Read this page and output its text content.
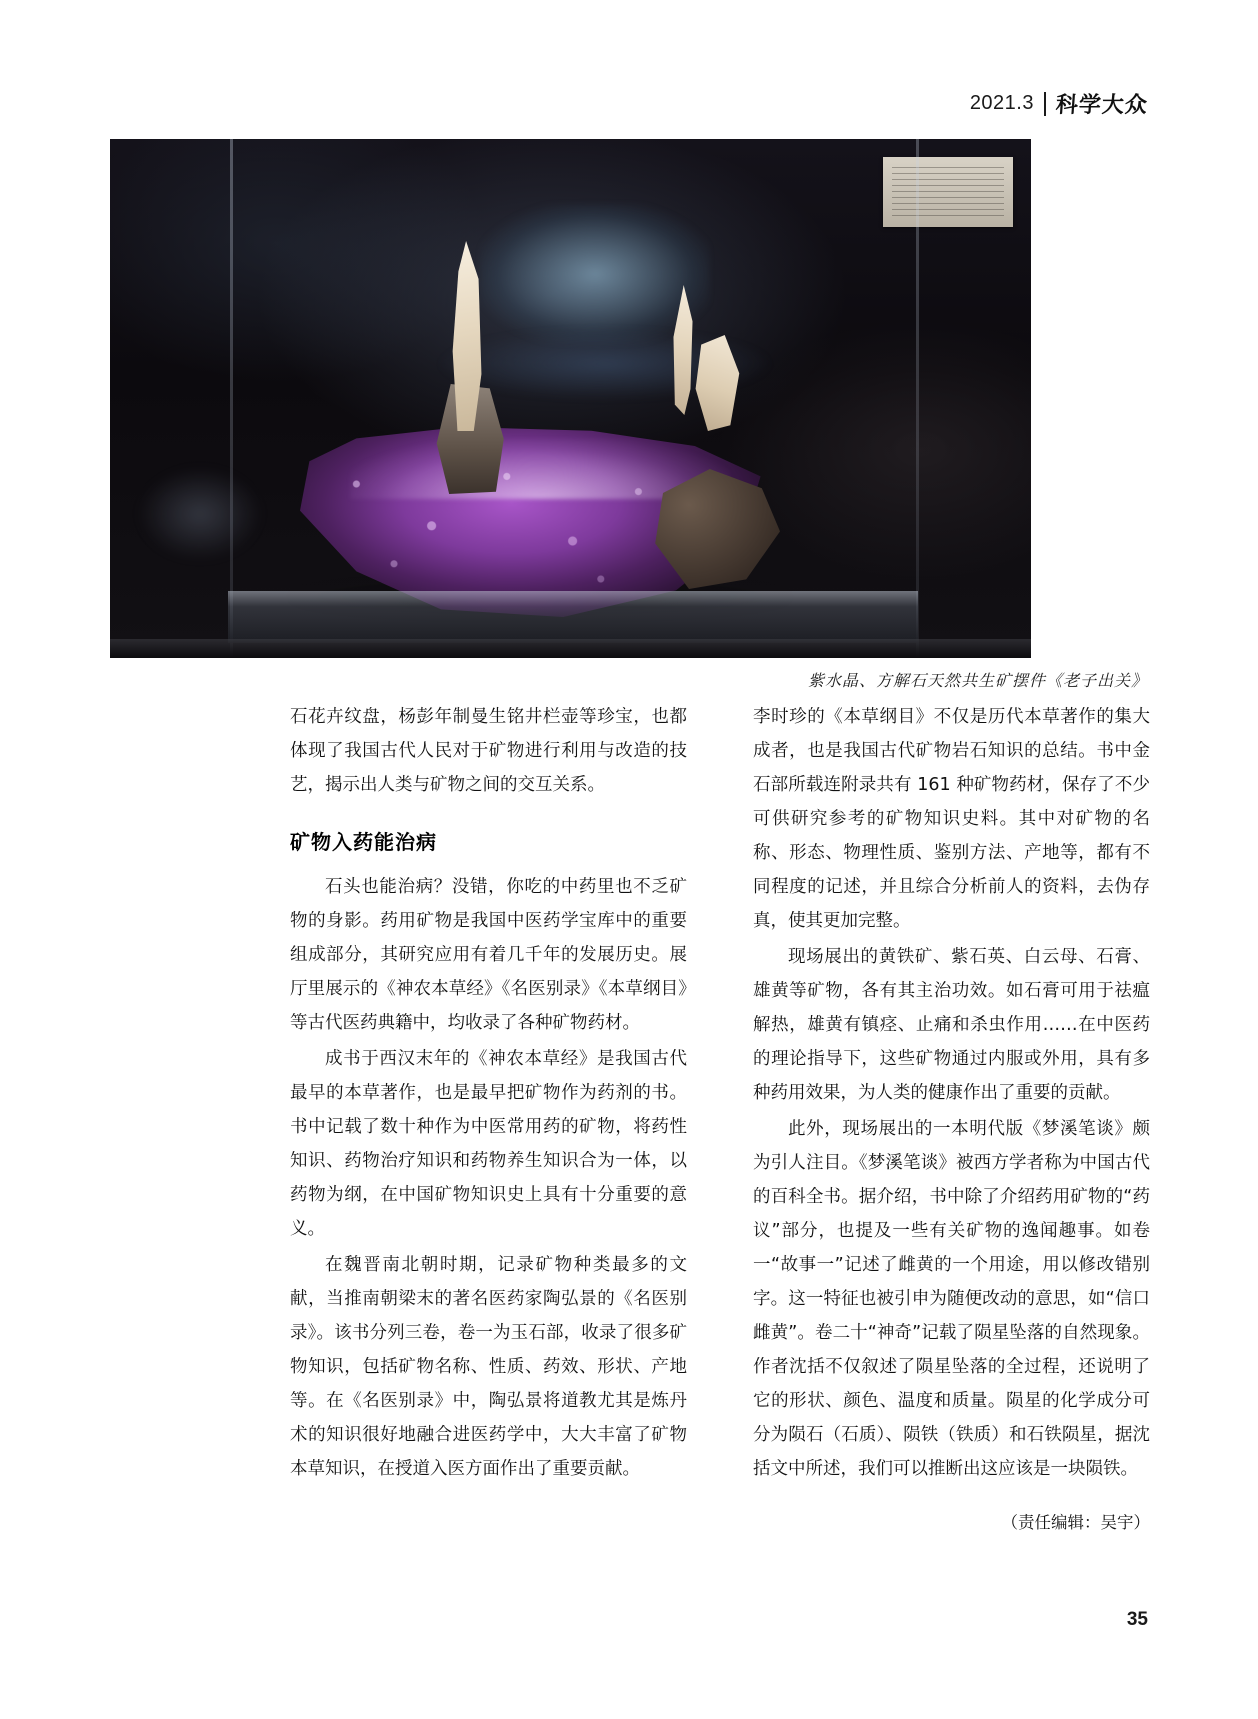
2021.3 科学大众
紫水晶、方解石天然共生矿摆件《老子出关》

石花卉纹盘，杨彭年制曼生铭井栏壶等珍宝，也都体现了我国古代人民对于矿物进行利用与改造的技艺，揭示出人类与矿物之间的交互关系。

矿物入药能治病

石头也能治病？没错，你吃的中药里也不乏矿物的身影。药用矿物是我国中医药学宝库中的重要组成部分，其研究应用有着几千年的发展历史。展厅里展示的《神农本草经》《名医别录》《本草纲目》等古代医药典籍中，均收录了各种矿物药材。

成书于西汉末年的《神农本草经》是我国古代最早的本草著作，也是最早把矿物作为药剂的书。书中记载了数十种作为中医常用药的矿物，将药性知识、药物治疗知识和药物养生知识合为一体，以药物为纲，在中国矿物知识史上具有十分重要的意义。

在魏晋南北朝时期，记录矿物种类最多的文献，当推南朝梁末的著名医药家陶弘景的《名医别录》。该书分列三卷，卷一为玉石部，收录了很多矿物知识，包括矿物名称、性质、药效、形状、产地等。在《名医别录》中，陶弘景将道教尤其是炼丹术的知识很好地融合进医药学中，大大丰富了矿物本草知识，在授道入医方面作出了重要贡献。

李时珍的《本草纲目》不仅是历代本草著作的集大成者，也是我国古代矿物岩石知识的总结。书中金石部所载连附录共有 161 种矿物药材，保存了不少可供研究参考的矿物知识史料。其中对矿物的名称、形态、物理性质、鉴别方法、产地等，都有不同程度的记述，并且综合分析前人的资料，去伪存真，使其更加完整。

现场展出的黄铁矿、紫石英、白云母、石膏、雄黄等矿物，各有其主治功效。如石膏可用于祛瘟解热，雄黄有镇痉、止痛和杀虫作用……在中医药的理论指导下，这些矿物通过内服或外用，具有多种药用效果，为人类的健康作出了重要的贡献。

此外，现场展出的一本明代版《梦溪笔谈》颇为引人注目。《梦溪笔谈》被西方学者称为中国古代的百科全书。据介绍，书中除了介绍药用矿物的“药议”部分，也提及一些有关矿物的逸闻趣事。如卷一“故事一”记述了雌黄的一个用途，用以修改错别字。这一特征也被引申为随便改动的意思，如“信口雌黄”。卷二十“神奇”记载了陨星坠落的自然现象。作者沈括不仅叙述了陨星坠落的全过程，还说明了它的形状、颜色、温度和质量。陨星的化学成分可分为陨石（石质）、陨铁（铁质）和石铁陨星，据沈括文中所述，我们可以推断出这应该是一块陨铁。

（责任编辑：吴宇）
35
